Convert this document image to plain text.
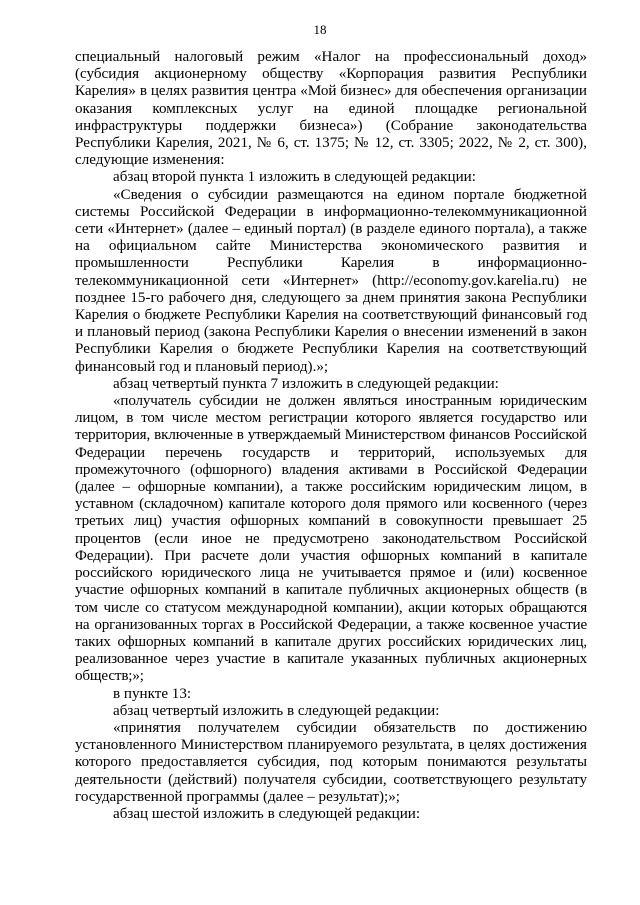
18

специальный налоговый режим «Налог на профессиональный доход» (субсидия акционерному обществу «Корпорация развития Республики Карелия» в целях развития центра «Мой бизнес» для обеспечения организации оказания комплексных услуг на единой площадке региональной инфраструктуры поддержки бизнеса») (Собрание законодательства Республики Карелия, 2021, № 6, ст. 1375; № 12, ст. 3305; 2022, № 2, ст. 300), следующие изменения:

абзац второй пункта 1 изложить в следующей редакции:

«Сведения о субсидии размещаются на едином портале бюджетной системы Российской Федерации в информационно-телекоммуникационной сети «Интернет» (далее – единый портал) (в разделе единого портала), а также на официальном сайте Министерства экономического развития и промышленности Республики Карелия в информационно-телекоммуникационной сети «Интернет» (http://economy.gov.karelia.ru) не позднее 15-го рабочего дня, следующего за днем принятия закона Республики Карелия о бюджете Республики Карелия на соответствующий финансовый год и плановый период (закона Республики Карелия о внесении изменений в закон Республики Карелия о бюджете Республики Карелия на соответствующий финансовый год и плановый период).»;

абзац четвертый пункта 7 изложить в следующей редакции:

«получатель субсидии не должен являться иностранным юридическим лицом, в том числе местом регистрации которого является государство или территория, включенные в утверждаемый Министерством финансов Российской Федерации перечень государств и территорий, используемых для промежуточного (офшорного) владения активами в Российской Федерации (далее – офшорные компании), а также российским юридическим лицом, в уставном (складочном) капитале которого доля прямого или косвенного (через третьих лиц) участия офшорных компаний в совокупности превышает 25 процентов (если иное не предусмотрено законодательством Российской Федерации). При расчете доли участия офшорных компаний в капитале российского юридического лица не учитывается прямое и (или) косвенное участие офшорных компаний в капитале публичных акционерных обществ (в том числе со статусом международной компании), акции которых обращаются на организованных торгах в Российской Федерации, а также косвенное участие таких офшорных компаний в капитале других российских юридических лиц, реализованное через участие в капитале указанных публичных акционерных обществ;»;

в пункте 13:

абзац четвертый изложить в следующей редакции:

«принятия получателем субсидии обязательств по достижению установленного Министерством планируемого результата, в целях достижения которого предоставляется субсидия, под которым понимаются результаты деятельности (действий) получателя субсидии, соответствующего результату государственной программы (далее – результат);»;

абзац шестой изложить в следующей редакции:
